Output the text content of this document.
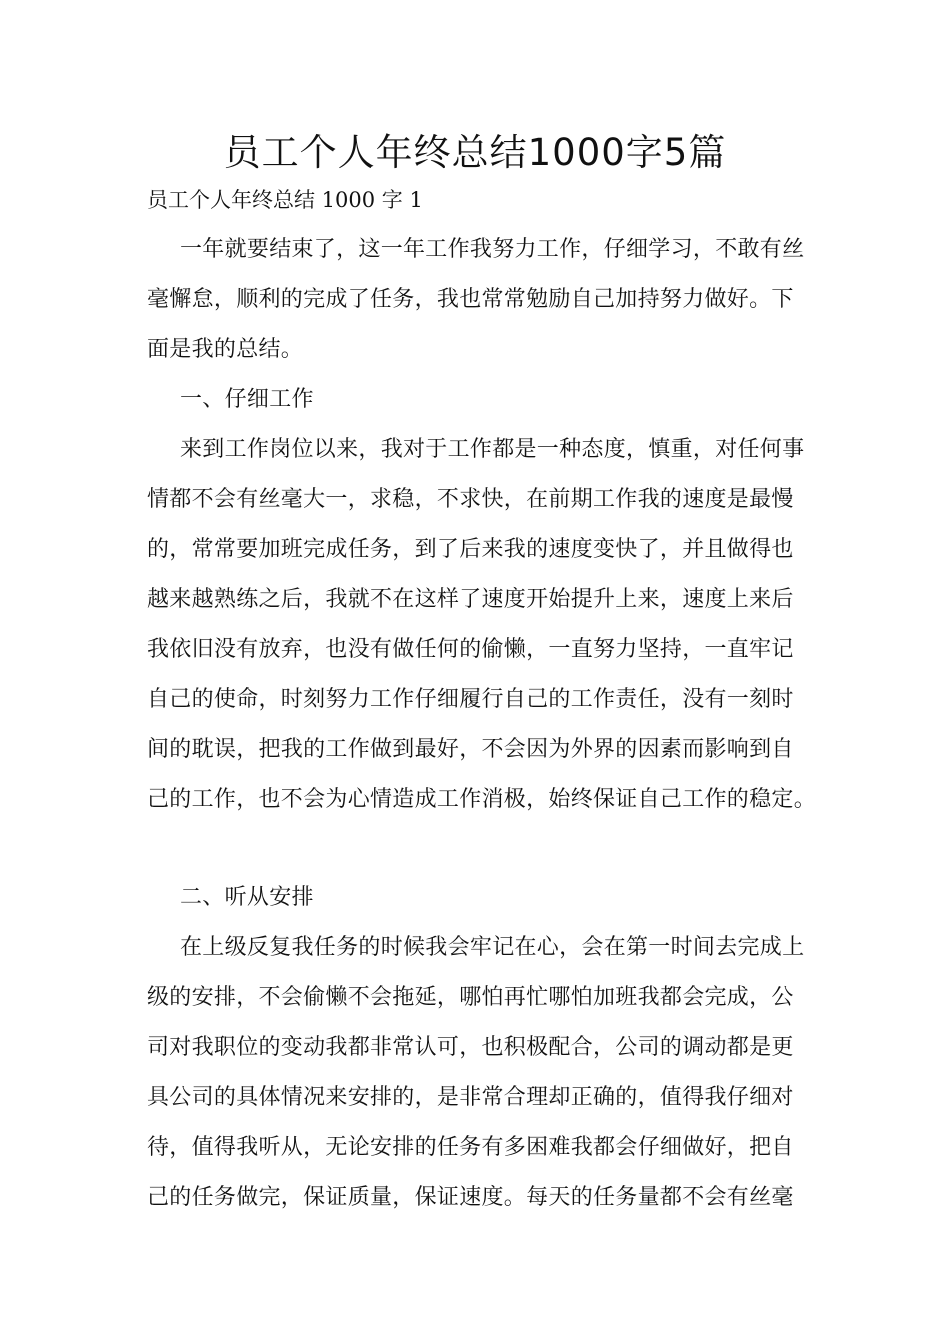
员工个人年终总结1000字5篇

员工个人年终总结 1000 字 1

一年就要结束了，这一年工作我努力工作，仔细学习，不敢有丝
毫懈怠，顺利的完成了任务，我也常常勉励自己加持努力做好。下
面是我的总结。
一、仔细工作
来到工作岗位以来，我对于工作都是一种态度，慎重，对任何事
情都不会有丝毫大一，求稳，不求快，在前期工作我的速度是最慢
的，常常要加班完成任务，到了后来我的速度变快了，并且做得也
越来越熟练之后，我就不在这样了速度开始提升上来，速度上来后
我依旧没有放弃，也没有做任何的偷懒，一直努力坚持，一直牢记
自己的使命，时刻努力工作仔细履行自己的工作责任，没有一刻时
间的耽误，把我的工作做到最好，不会因为外界的因素而影响到自
己的工作，也不会为心情造成工作消极，始终保证自己工作的稳定。
二、听从安排
在上级反复我任务的时候我会牢记在心，会在第一时间去完成上
级的安排，不会偷懒不会拖延，哪怕再忙哪怕加班我都会完成，公
司对我职位的变动我都非常认可，也积极配合，公司的调动都是更
具公司的具体情况来安排的，是非常合理却正确的，值得我仔细对
待，值得我听从，无论安排的任务有多困难我都会仔细做好，把自
己的任务做完，保证质量，保证速度。每天的任务量都不会有丝毫
